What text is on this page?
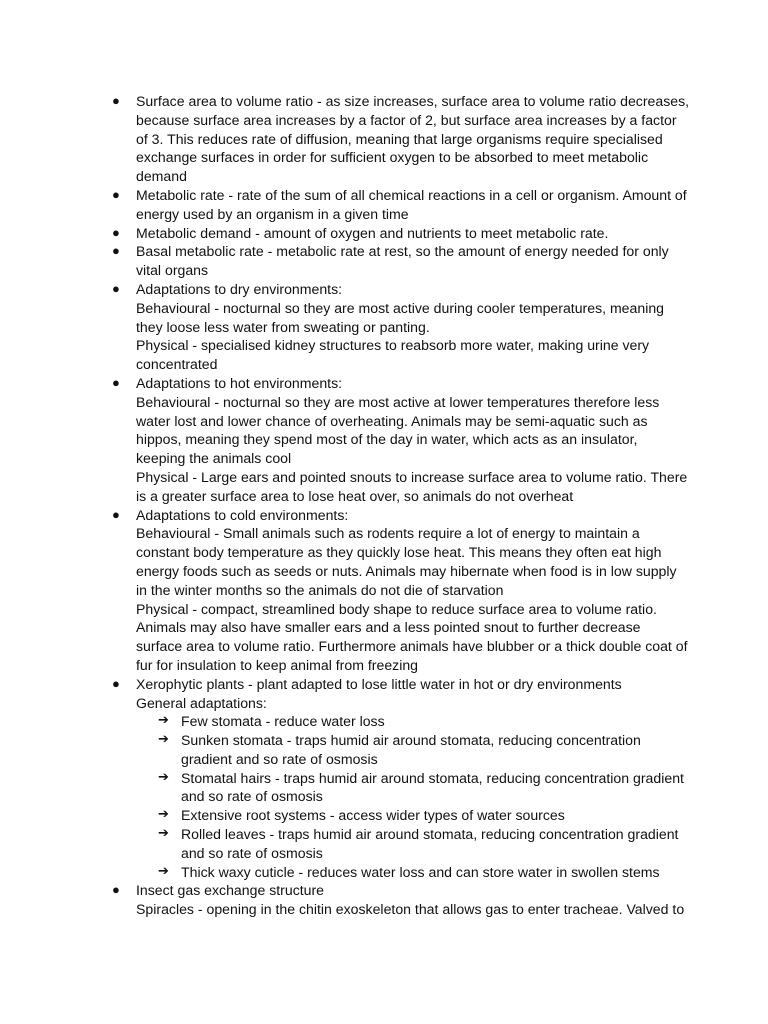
● Surface area to volume ratio - as size increases, surface area to volume ratio decreases,
because surface area increases by a factor of 2, but surface area increases by a factor
of 3. This reduces rate of diffusion, meaning that large organisms require specialised
exchange surfaces in order for sufficient oxygen to be absorbed to meet metabolic
demand
● Metabolic rate - rate of the sum of all chemical reactions in a cell or organism. Amount of
energy used by an organism in a given time
● Metabolic demand - amount of oxygen and nutrients to meet metabolic rate.
● Basal metabolic rate - metabolic rate at rest, so the amount of energy needed for only
vital organs
● Adaptations to dry environments:
Behavioural - nocturnal so they are most active during cooler temperatures, meaning
they loose less water from sweating or panting.
Physical - specialised kidney structures to reabsorb more water, making urine very
concentrated
● Adaptations to hot environments:
Behavioural - nocturnal so they are most active at lower temperatures therefore less
water lost and lower chance of overheating. Animals may be semi-aquatic such as
hippos, meaning they spend most of the day in water, which acts as an insulator,
keeping the animals cool
Physical - Large ears and pointed snouts to increase surface area to volume ratio. There
is a greater surface area to lose heat over, so animals do not overheat
● Adaptations to cold environments:
Behavioural - Small animals such as rodents require a lot of energy to maintain a
constant body temperature as they quickly lose heat. This means they often eat high
energy foods such as seeds or nuts. Animals may hibernate when food is in low supply
in the winter months so the animals do not die of starvation
Physical - compact, streamlined body shape to reduce surface area to volume ratio.
Animals may also have smaller ears and a less pointed snout to further decrease
surface area to volume ratio. Furthermore animals have blubber or a thick double coat of
fur for insulation to keep animal from freezing
● Xerophytic plants - plant adapted to lose little water in hot or dry environments
General adaptations:
➔ Few stomata - reduce water loss
➔ Sunken stomata - traps humid air around stomata, reducing concentration
gradient and so rate of osmosis
➔ Stomatal hairs - traps humid air around stomata, reducing concentration gradient
and so rate of osmosis
➔ Extensive root systems - access wider types of water sources
➔ Rolled leaves - traps humid air around stomata, reducing concentration gradient
and so rate of osmosis
➔ Thick waxy cuticle - reduces water loss and can store water in swollen stems
● Insect gas exchange structure
Spiracles - opening in the chitin exoskeleton that allows gas to enter tracheae. Valved to
